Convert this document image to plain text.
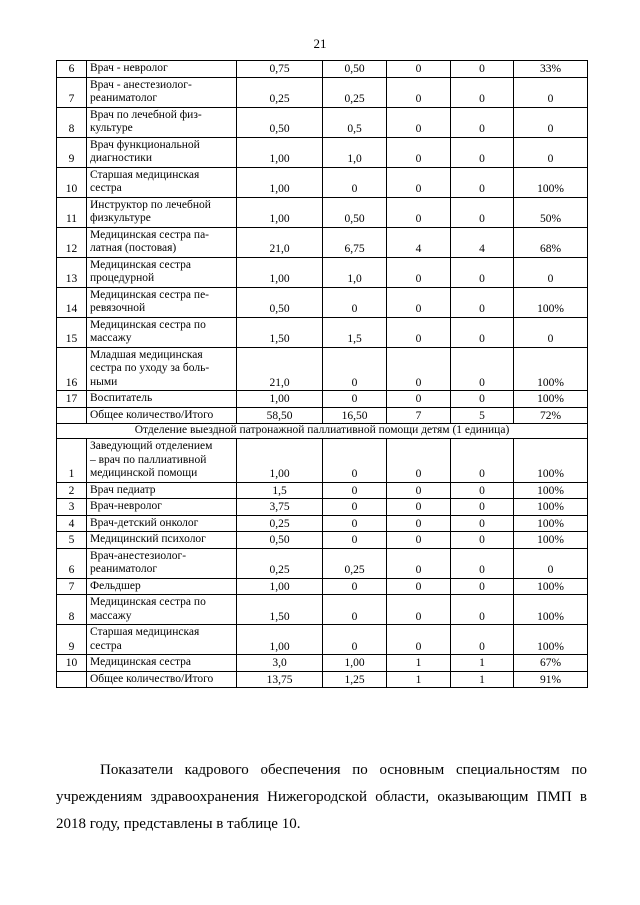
21
6	Врач - невролог	0,75	0,50	0	0	33%
7	Врач - анестезиолог-
реаниматолог	0,25	0,25	0	0	0
8	Врач по лечебной физ-
культуре	0,50	0,5	0	0	0
9	Врач функциональной
диагностики	1,00	1,0	0	0	0
10	Старшая медицинская
сестра	1,00	0	0	0	100%
11	Инструктор по лечебной
физкультуре	1,00	0,50	0	0	50%
12	Медицинская сестра па-
латная (постовая)	21,0	6,75	4	4	68%
13	Медицинская сестра
процедурной	1,00	1,0	0	0	0
14	Медицинская сестра пе-
ревязочной	0,50	0	0	0	100%
15	Медицинская сестра по
массажу	1,50	1,5	0	0	0
16	Младшая медицинская
сестра по уходу за боль-
ными	21,0	0	0	0	100%
17	Воспитатель	1,00	0	0	0	100%
	Общее количество/Итого	58,50	16,50	7	5	72%
Отделение выездной патронажной паллиативной помощи детям (1 единица)						
1	Заведующий отделением
– врач по паллиативной
медицинской помощи	1,00	0	0	0	100%
2	Врач педиатр	1,5	0	0	0	100%
3	Врач-невролог	3,75	0	0	0	100%
4	Врач-детский онколог	0,25	0	0	0	100%
5	Медицинский психолог	0,50	0	0	0	100%
6	Врач-анестезиолог-
реаниматолог	0,25	0,25	0	0	0
7	Фельдшер	1,00	0	0	0	100%
8	Медицинская сестра по
массажу	1,50	0	0	0	100%
9	Старшая медицинская
сестра	1,00	0	0	0	100%
10	Медицинская сестра	3,0	1,00	1	1	67%
	Общее количество/Итого	13,75	1,25	1	1	91%
Показатели кадрового обеспечения по основным специальностям по учреждениям здравоохранения Нижегородской области, оказывающим ПМП в 2018 году, представлены в таблице 10.
